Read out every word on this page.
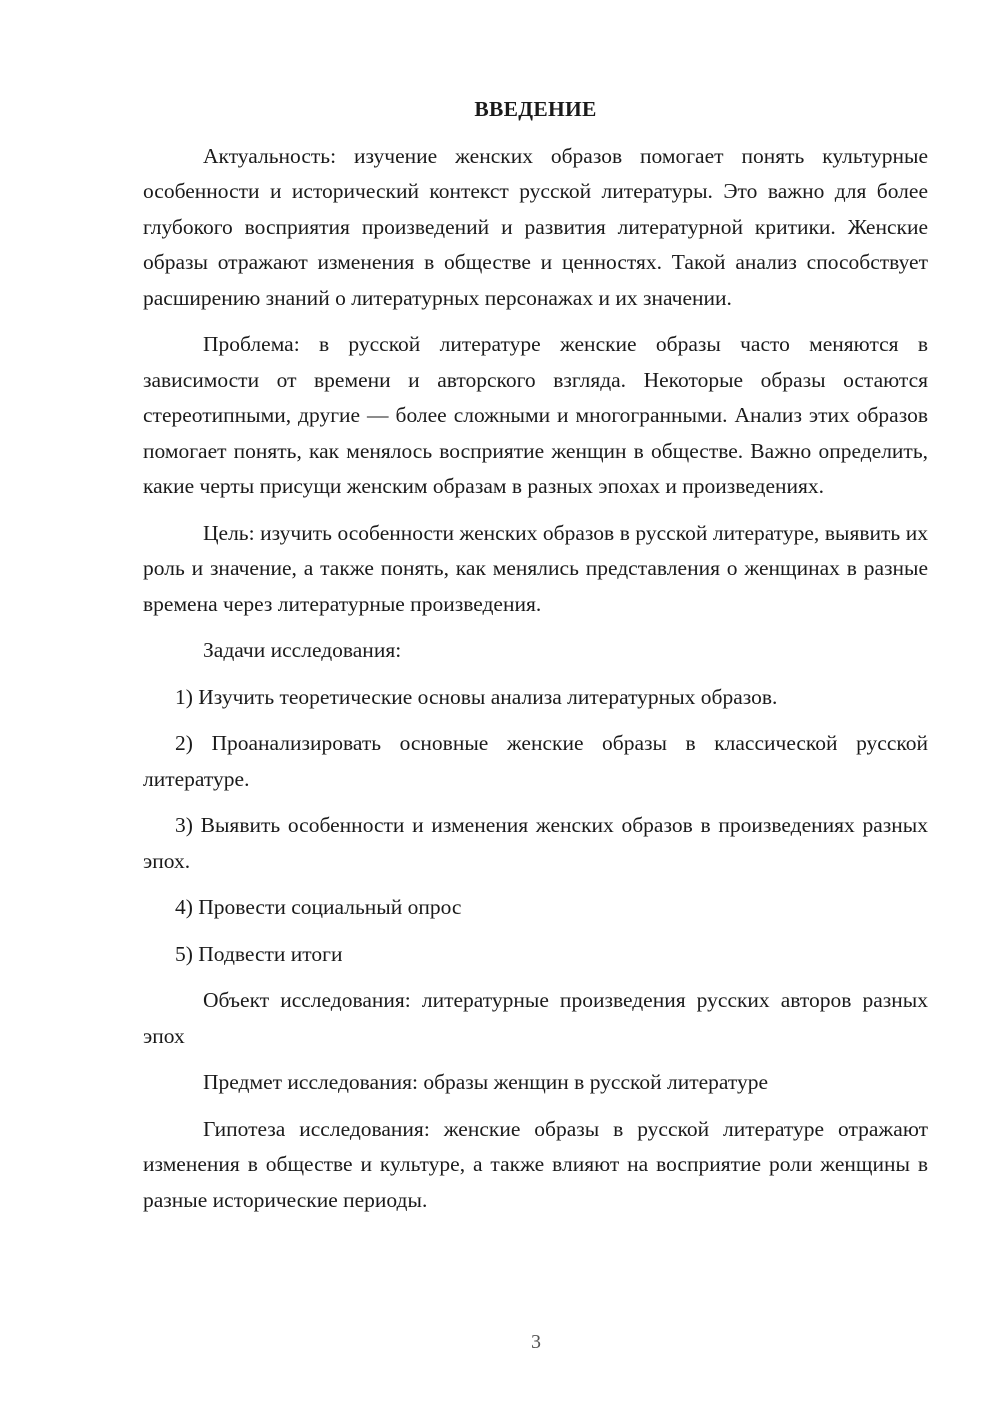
ВВЕДЕНИЕ

Актуальность: изучение женских образов помогает понять культурные особенности и исторический контекст русской литературы. Это важно для более глубокого восприятия произведений и развития литературной критики. Женские образы отражают изменения в обществе и ценностях. Такой анализ способствует расширению знаний о литературных персонажах и их значении.

Проблема: в русской литературе женские образы часто меняются в зависимости от времени и авторского взгляда. Некоторые образы остаются стереотипными, другие — более сложными и многогранными. Анализ этих образов помогает понять, как менялось восприятие женщин в обществе. Важно определить, какие черты присущи женским образам в разных эпохах и произведениях.

Цель: изучить особенности женских образов в русской литературе, выявить их роль и значение, а также понять, как менялись представления о женщинах в разные времена через литературные произведения.

Задачи исследования:

1) Изучить теоретические основы анализа литературных образов.

2) Проанализировать основные женские образы в классической русской литературе.

3) Выявить особенности и изменения женских образов в произведениях разных эпох.

4) Провести социальный опрос

5) Подвести итоги

Объект исследования: литературные произведения русских авторов разных эпох

Предмет исследования: образы женщин в русской литературе

Гипотеза исследования: женские образы в русской литературе отражают изменения в обществе и культуре, а также влияют на восприятие роли женщины в разные исторические периоды.

3
